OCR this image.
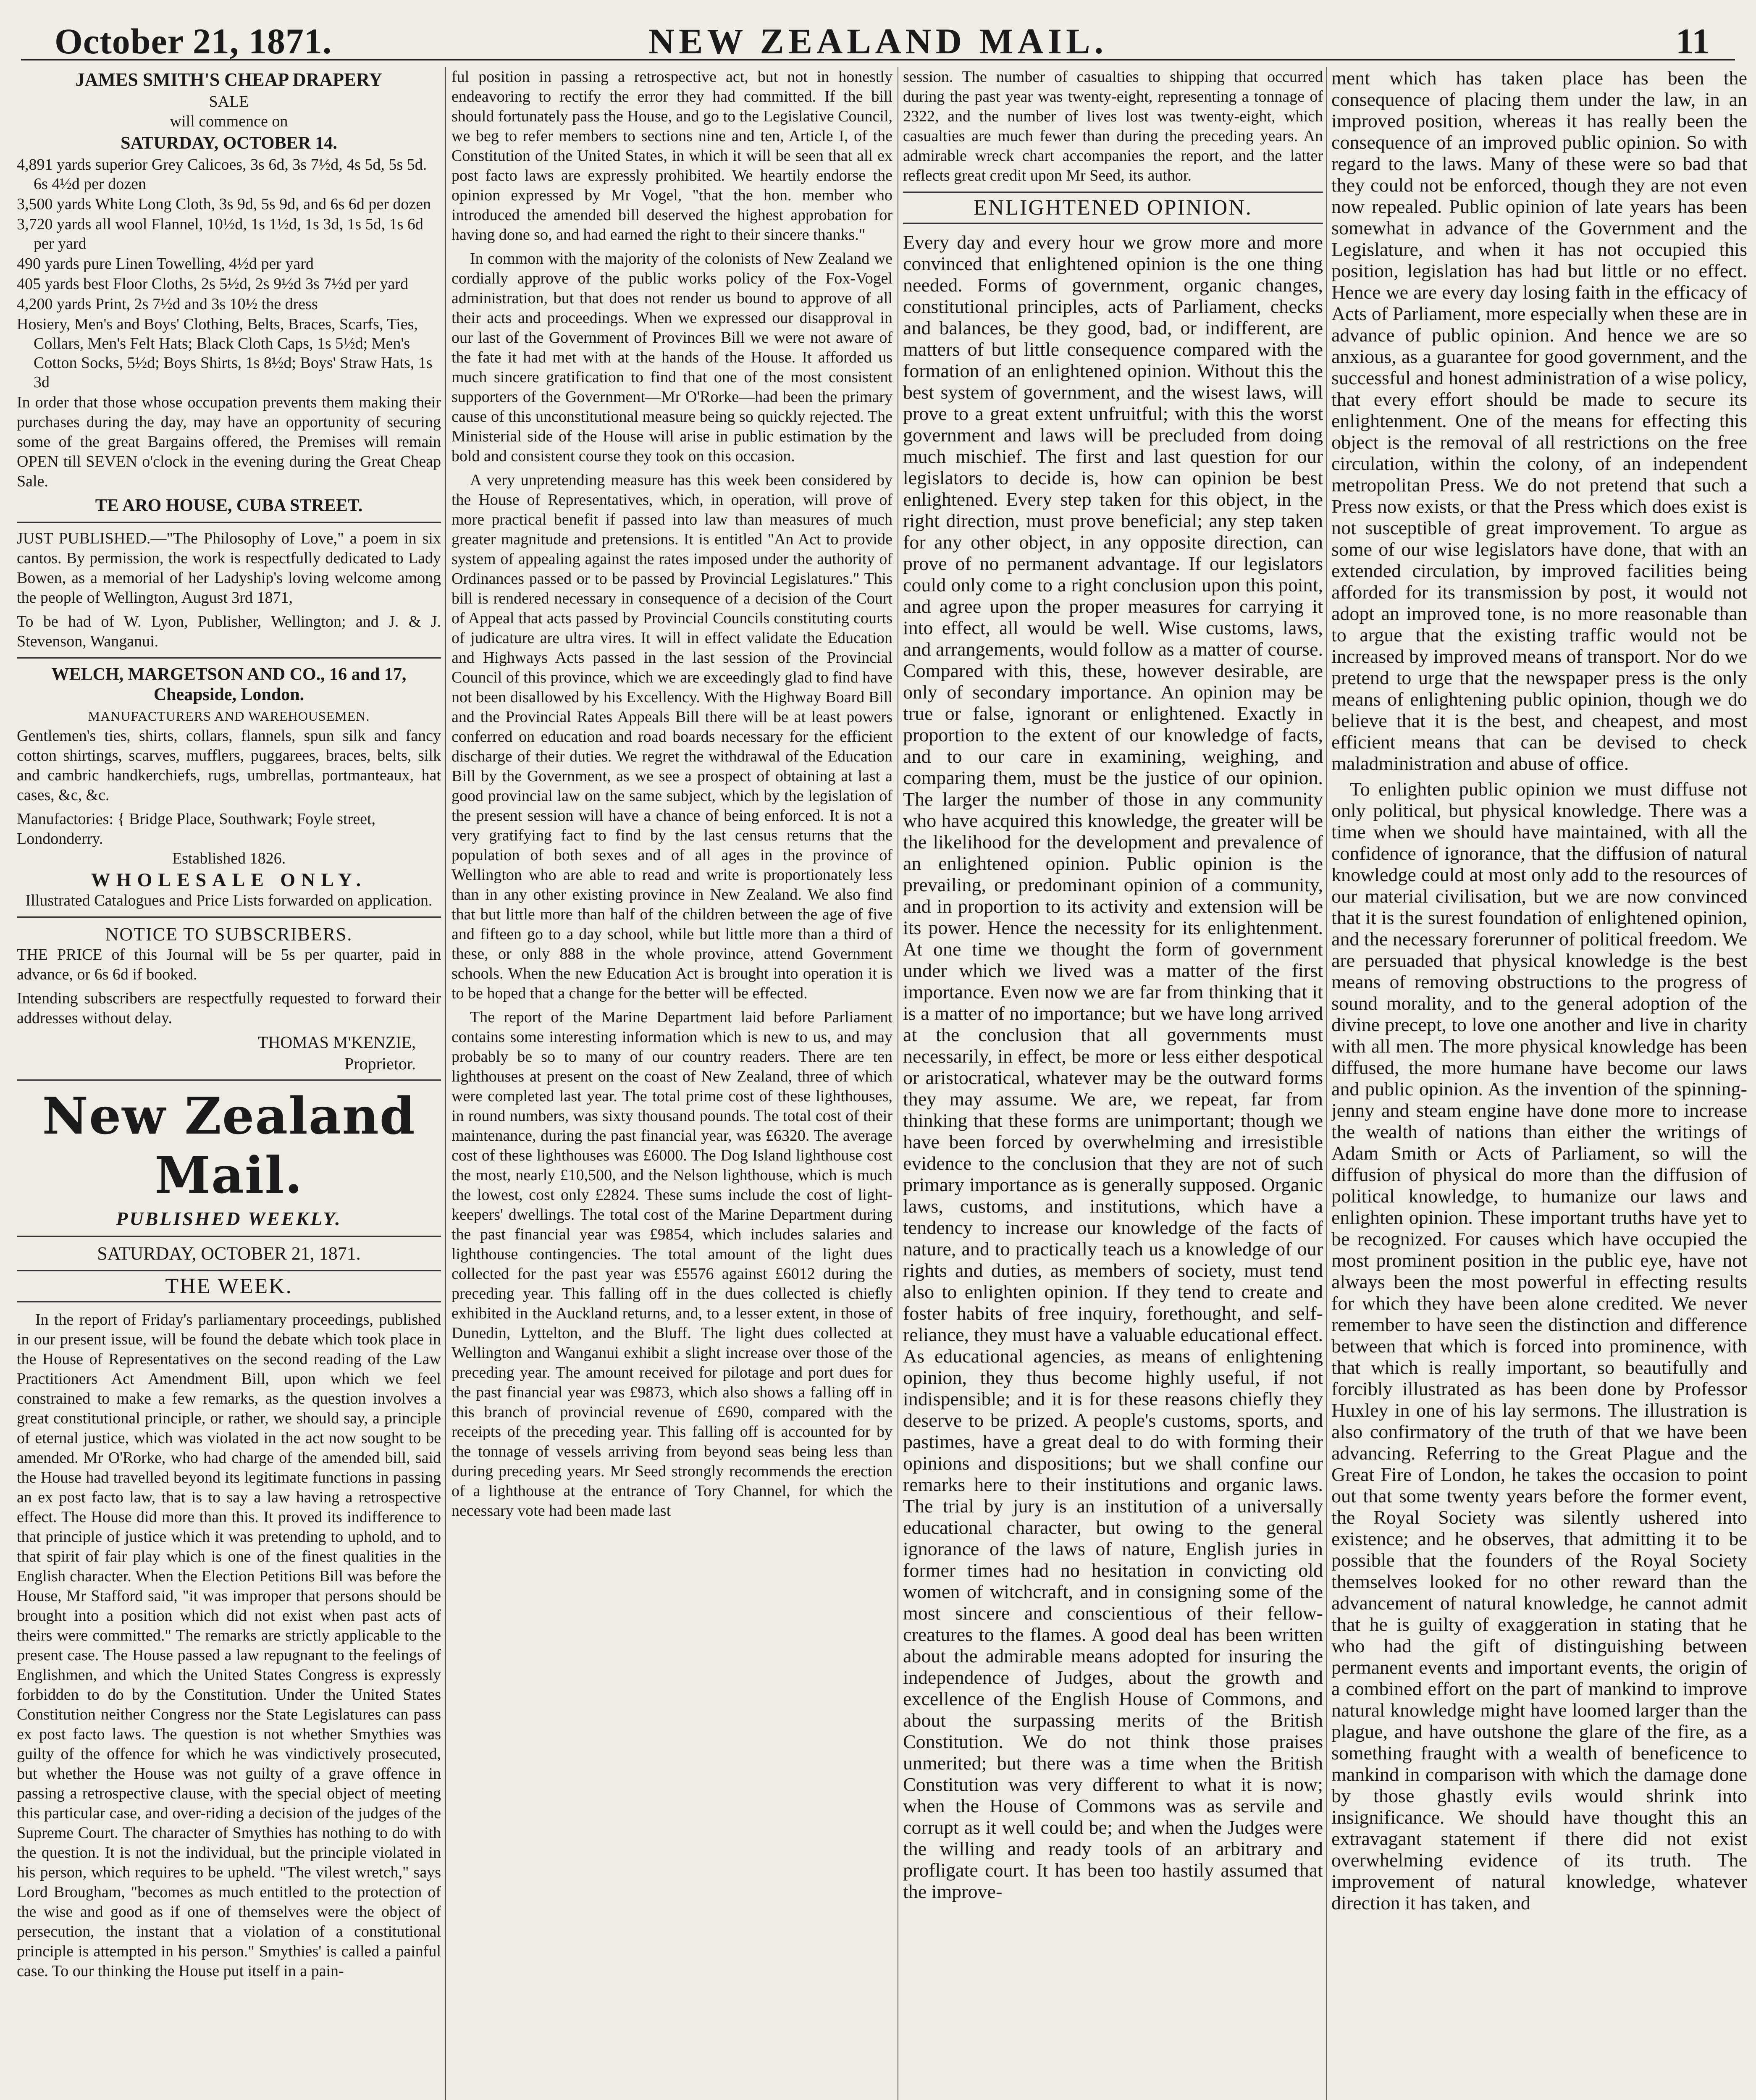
NEW ZEALAND MAIL.
October 21, 1871.	11
JAMES SMITH'S CHEAP DRAPERY
SALE
will commence on
SATURDAY, OCTOBER 14.
4,891 yards superior Grey Calicoes, 3s 6d, 3s 7½d, 4s 5d, 5s 5d. 6s 4½d per dozen
3,500 yards White Long Cloth, 3s 9d, 5s 9d, and 6s 6d per dozen
3,720 yards all wool Flannel, 10½d, 1s 1½d, 1s 3d, 1s 5d, 1s 6d per yard
490 yards pure Linen Towelling, 4½d per yard
405 yards best Floor Cloths, 2s 5½d, 2s 9½d 3s 7½d per yard
4,200 yards Print, 2s 7½d and 3s 10½ the dress
Hosiery, Men's and Boys' Clothing, Belts, Braces, Scarfs, Ties, Collars, Men's Felt Hats; Black Cloth Caps, 1s 5½d; Men's Cotton Socks, 5½d; Boys Shirts, 1s 8½d; Boys' Straw Hats, 1s 3d

In order that those whose occupation prevents them making their purchases during the day, may have an opportunity of securing some of the great Bargains offered, the Premises will remain OPEN till SEVEN o'clock in the evening during the Great Cheap Sale.

TE ARO HOUSE, CUBA STREET.

JUST PUBLISHED.—"The Philosophy of Love," a poem in six cantos. By permission, the work is respectfully dedicated to Lady Bowen, as a memorial of her Ladyship's loving welcome among the people of Wellington, August 3rd 1871,

To be had of W. Lyon, Publisher, Wellington; and J. & J. Stevenson, Wanganui.

WELCH, MARGETSON AND CO., 16 and 17, Cheapside, London.
MANUFACTURERS AND WAREHOUSEMEN.

Gentlemen's ties, shirts, collars, flannels, spun silk and fancy cotton shirtings, scarves, mufflers, puggarees, braces, belts, silk and cambric handkerchiefs, rugs, umbrellas, portmanteaux, hat cases, &c, &c.

Manufactories: { Bridge Place, Southwark; Foyle street, Londonderry.
Established 1826.
WHOLESALE ONLY.
Illustrated Catalogues and Price Lists forwarded on application.
NOTICE TO SUBSCRIBERS.

THE PRICE of this Journal will be 5s per quarter, paid in advance, or 6s 6d if booked.

Intending subscribers are respectfully requested to forward their addresses without delay.

THOMAS M'KENZIE,
Proprietor.
New Zealand Mail.
PUBLISHED WEEKLY.
SATURDAY, OCTOBER 21, 1871.
THE WEEK.

In the report of Friday's parliamentary proceedings, published in our present issue, will be found the debate which took place in the House of Representatives on the second reading of the Law Practitioners Act Amendment Bill, upon which we feel constrained to make a few remarks, as the question involves a great constitutional principle, or rather, we should say, a principle of eternal justice, which was violated in the act now sought to be amended. Mr O'Rorke, who had charge of the amended bill, said the House had travelled beyond its legitimate functions in passing an ex post facto law, that is to say a law having a retrospective effect. The House did more than this. It proved its indifference to that principle of justice which it was pretending to uphold, and to that spirit of fair play which is one of the finest qualities in the English character. When the Election Petitions Bill was before the House, Mr Stafford said, "it was improper that persons should be brought into a position which did not exist when past acts of theirs were committed." The remarks are strictly applicable to the present case. The House passed a law repugnant to the feelings of Englishmen, and which the United States Congress is expressly forbidden to do by the Constitution. Under the United States Constitution neither Congress nor the State Legislatures can pass ex post facto laws. The question is not whether Smythies was guilty of the offence for which he was vindictively prosecuted, but whether the House was not guilty of a grave offence in passing a retrospective clause, with the special object of meeting this particular case, and over-riding a decision of the judges of the Supreme Court. The character of Smythies has nothing to do with the question. It is not the individual, but the principle violated in his person, which requires to be upheld. "The vilest wretch," says Lord Brougham, "becomes as much entitled to the protection of the wise and good as if one of themselves were the object of persecution, the instant that a violation of a constitutional principle is attempted in his person." Smythies' is called a painful case. To our thinking the House put itself in a pain-

ful position in passing a retrospective act, but not in honestly endeavoring to rectify the error they had committed. If the bill should fortunately pass the House, and go to the Legislative Council, we beg to refer members to sections nine and ten, Article I, of the Constitution of the United States, in which it will be seen that all ex post facto laws are expressly prohibited. We heartily endorse the opinion expressed by Mr Vogel, "that the hon. member who introduced the amended bill deserved the highest approbation for having done so, and had earned the right to their sincere thanks."

In common with the majority of the colonists of New Zealand we cordially approve of the public works policy of the Fox-Vogel administration, but that does not render us bound to approve of all their acts and proceedings. When we expressed our disapproval in our last of the Government of Provinces Bill we were not aware of the fate it had met with at the hands of the House. It afforded us much sincere gratification to find that one of the most consistent supporters of the Government—Mr O'Rorke—had been the primary cause of this unconstitutional measure being so quickly rejected. The Ministerial side of the House will arise in public estimation by the bold and consistent course they took on this occasion.

A very unpretending measure has this week been considered by the House of Representatives, which, in operation, will prove of more practical benefit if passed into law than measures of much greater magnitude and pretensions. It is entitled "An Act to provide system of appealing against the rates imposed under the authority of Ordinances passed or to be passed by Provincial Legislatures." This bill is rendered necessary in consequence of a decision of the Court of Appeal that acts passed by Provincial Councils constituting courts of judicature are ultra vires. It will in effect validate the Education and Highways Acts passed in the last session of the Provincial Council of this province, which we are exceedingly glad to find have not been disallowed by his Excellency. With the Highway Board Bill and the Provincial Rates Appeals Bill there will be at least powers conferred on education and road boards necessary for the efficient discharge of their duties. We regret the withdrawal of the Education Bill by the Government, as we see a prospect of obtaining at last a good provincial law on the same subject, which by the legislation of the present session will have a chance of being enforced. It is not a very gratifying fact to find by the last census returns that the population of both sexes and of all ages in the province of Wellington who are able to read and write is proportionately less than in any other existing province in New Zealand. We also find that but little more than half of the children between the age of five and fifteen go to a day school, while but little more than a third of these, or only 888 in the whole province, attend Government schools. When the new Education Act is brought into operation it is to be hoped that a change for the better will be effected.

The report of the Marine Department laid before Parliament contains some interesting information which is new to us, and may probably be so to many of our country readers. There are ten lighthouses at present on the coast of New Zealand, three of which were completed last year. The total prime cost of these lighthouses, in round numbers, was sixty thousand pounds. The total cost of their maintenance, during the past financial year, was £6320. The average cost of these lighthouses was £6000. The Dog Island lighthouse cost the most, nearly £10,500, and the Nelson lighthouse, which is much the lowest, cost only £2824. These sums include the cost of light-keepers' dwellings. The total cost of the Marine Department during the past financial year was £9854, which includes salaries and lighthouse contingencies. The total amount of the light dues collected for the past year was £5576 against £6012 during the preceding year. This falling off in the dues collected is chiefly exhibited in the Auckland returns, and, to a lesser extent, in those of Dunedin, Lyttelton, and the Bluff. The light dues collected at Wellington and Wanganui exhibit a slight increase over those of the preceding year. The amount received for pilotage and port dues for the past financial year was £9873, which also shows a falling off in this branch of provincial revenue of £690, compared with the receipts of the preceding year. This falling off is accounted for by the tonnage of vessels arriving from beyond seas being less than during preceding years. Mr Seed strongly recommends the erection of a lighthouse at the entrance of Tory Channel, for which the necessary vote had been made last

session. The number of casualties to shipping that occurred during the past year was twenty-eight, representing a tonnage of 2322, and the number of lives lost was twenty-eight, which casualties are much fewer than during the preceding years. An admirable wreck chart accompanies the report, and the latter reflects great credit upon Mr Seed, its author.

ENLIGHTENED OPINION.

Every day and every hour we grow more and more convinced that enlightened opinion is the one thing needed. Forms of government, organic changes, constitutional principles, acts of Parliament, checks and balances, be they good, bad, or indifferent, are matters of but little consequence compared with the formation of an enlightened opinion. Without this the best system of government, and the wisest laws, will prove to a great extent unfruitful; with this the worst government and laws will be precluded from doing much mischief. The first and last question for our legislators to decide is, how can opinion be best enlightened. Every step taken for this object, in the right direction, must prove beneficial; any step taken for any other object, in any opposite direction, can prove of no permanent advantage. If our legislators could only come to a right conclusion upon this point, and agree upon the proper measures for carrying it into effect, all would be well. Wise customs, laws, and arrangements, would follow as a matter of course. Compared with this, these, however desirable, are only of secondary importance. An opinion may be true or false, ignorant or enlightened. Exactly in proportion to the extent of our knowledge of facts, and to our care in examining, weighing, and comparing them, must be the justice of our opinion. The larger the number of those in any community who have acquired this knowledge, the greater will be the likelihood for the development and prevalence of an enlightened opinion. Public opinion is the prevailing, or predominant opinion of a community, and in proportion to its activity and extension will be its power. Hence the necessity for its enlightenment. At one time we thought the form of government under which we lived was a matter of the first importance. Even now we are far from thinking that it is a matter of no importance; but we have long arrived at the conclusion that all governments must necessarily, in effect, be more or less either despotical or aristocratical, whatever may be the outward forms they may assume. We are, we repeat, far from thinking that these forms are unimportant; though we have been forced by overwhelming and irresistible evidence to the conclusion that they are not of such primary importance as is generally supposed. Organic laws, customs, and institutions, which have a tendency to increase our knowledge of the facts of nature, and to practically teach us a knowledge of our rights and duties, as members of society, must tend also to enlighten opinion. If they tend to create and foster habits of free inquiry, forethought, and self-reliance, they must have a valuable educational effect. As educational agencies, as means of enlightening opinion, they thus become highly useful, if not indispensible; and it is for these reasons chiefly they deserve to be prized. A people's customs, sports, and pastimes, have a great deal to do with forming their opinions and dispositions; but we shall confine our remarks here to their institutions and organic laws. The trial by jury is an institution of a universally educational character, but owing to the general ignorance of the laws of nature, English juries in former times had no hesitation in convicting old women of witchcraft, and in consigning some of the most sincere and conscientious of their fellow-creatures to the flames. A good deal has been written about the admirable means adopted for insuring the independence of Judges, about the growth and excellence of the English House of Commons, and about the surpassing merits of the British Constitution. We do not think those praises unmerited; but there was a time when the British Constitution was very different to what it is now; when the House of Commons was as servile and corrupt as it well could be; and when the Judges were the willing and ready tools of an arbitrary and profligate court. It has been too hastily assumed that the improve-

ment which has taken place has been the consequence of placing them under the law, in an improved position, whereas it has really been the consequence of an improved public opinion. So with regard to the laws. Many of these were so bad that they could not be enforced, though they are not even now repealed. Public opinion of late years has been somewhat in advance of the Government and the Legislature, and when it has not occupied this position, legislation has had but little or no effect. Hence we are every day losing faith in the efficacy of Acts of Parliament, more especially when these are in advance of public opinion. And hence we are so anxious, as a guarantee for good government, and the successful and honest administration of a wise policy, that every effort should be made to secure its enlightenment. One of the means for effecting this object is the removal of all restrictions on the free circulation, within the colony, of an independent metropolitan Press. We do not pretend that such a Press now exists, or that the Press which does exist is not susceptible of great improvement. To argue as some of our wise legislators have done, that with an extended circulation, by improved facilities being afforded for its transmission by post, it would not adopt an improved tone, is no more reasonable than to argue that the existing traffic would not be increased by improved means of transport. Nor do we pretend to urge that the newspaper press is the only means of enlightening public opinion, though we do believe that it is the best, and cheapest, and most efficient means that can be devised to check maladministration and abuse of office.

To enlighten public opinion we must diffuse not only political, but physical knowledge. There was a time when we should have maintained, with all the confidence of ignorance, that the diffusion of natural knowledge could at most only add to the resources of our material civilisation, but we are now convinced that it is the surest foundation of enlightened opinion, and the necessary forerunner of political freedom. We are persuaded that physical knowledge is the best means of removing obstructions to the progress of sound morality, and to the general adoption of the divine precept, to love one another and live in charity with all men. The more physical knowledge has been diffused, the more humane have become our laws and public opinion. As the invention of the spinning-jenny and steam engine have done more to increase the wealth of nations than either the writings of Adam Smith or Acts of Parliament, so will the diffusion of physical do more than the diffusion of political knowledge, to humanize our laws and enlighten opinion. These important truths have yet to be recognized. For causes which have occupied the most prominent position in the public eye, have not always been the most powerful in effecting results for which they have been alone credited. We never remember to have seen the distinction and difference between that which is forced into prominence, with that which is really important, so beautifully and forcibly illustrated as has been done by Professor Huxley in one of his lay sermons. The illustration is also confirmatory of the truth of that we have been advancing. Referring to the Great Plague and the Great Fire of London, he takes the occasion to point out that some twenty years before the former event, the Royal Society was silently ushered into existence; and he observes, that admitting it to be possible that the founders of the Royal Society themselves looked for no other reward than the advancement of natural knowledge, he cannot admit that he is guilty of exaggeration in stating that he who had the gift of distinguishing between permanent events and important events, the origin of a combined effort on the part of mankind to improve natural knowledge might have loomed larger than the plague, and have outshone the glare of the fire, as a something fraught with a wealth of beneficence to mankind in comparison with which the damage done by those ghastly evils would shrink into insignificance. We should have thought this an extravagant statement if there did not exist overwhelming evidence of its truth. The improvement of natural knowledge, whatever direction it has taken, and
